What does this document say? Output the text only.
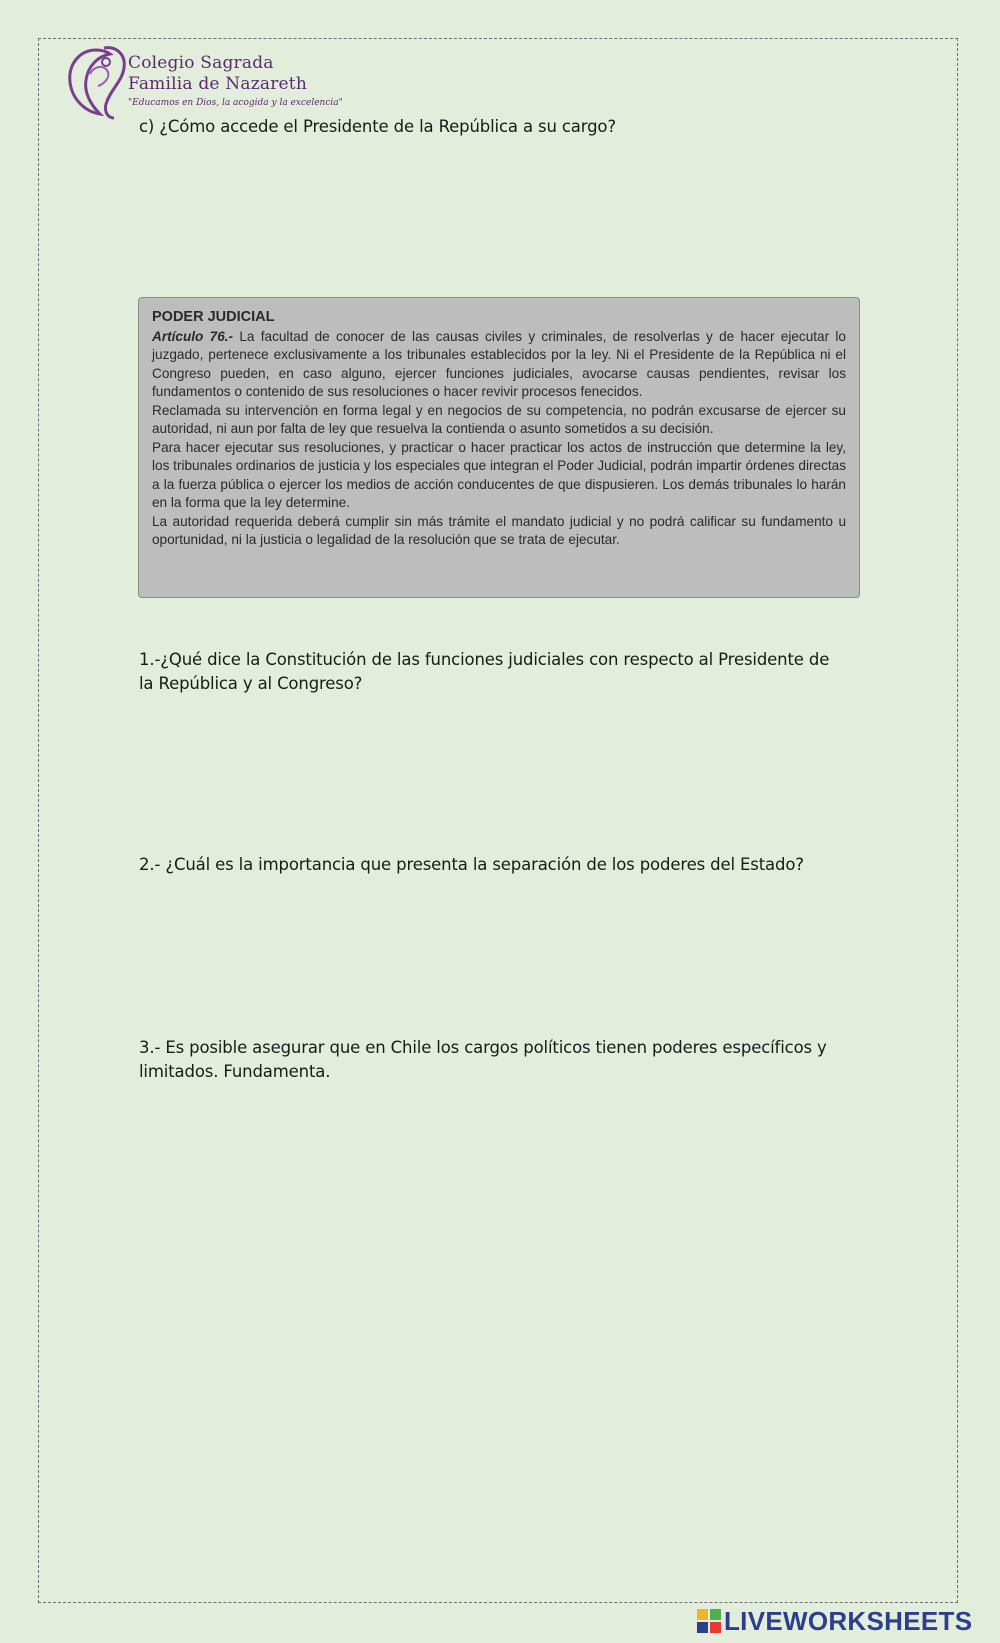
Colegio Sagrada
Familia de Nazareth
"Educamos en Dios, la acogida y la excelencia"
c) ¿Cómo accede el Presidente de la República a su cargo?
PODER JUDICIAL

Artículo 76.- La facultad de conocer de las causas civiles y criminales, de resolverlas y de hacer ejecutar lo juzgado, pertenece exclusivamente a los tribunales establecidos por la ley. Ni el Presidente de la República ni el Congreso pueden, en caso alguno, ejercer funciones judiciales, avocarse causas pendientes, revisar los fundamentos o contenido de sus resoluciones o hacer revivir procesos fenecidos.

Reclamada su intervención en forma legal y en negocios de su competencia, no podrán excusarse de ejercer su autoridad, ni aun por falta de ley que resuelva la contienda o asunto sometidos a su decisión.

Para hacer ejecutar sus resoluciones, y practicar o hacer practicar los actos de instrucción que determine la ley, los tribunales ordinarios de justicia y los especiales que integran el Poder Judicial, podrán impartir órdenes directas a la fuerza pública o ejercer los medios de acción conducentes de que dispusieren. Los demás tribunales lo harán en la forma que la ley determine.

La autoridad requerida deberá cumplir sin más trámite el mandato judicial y no podrá calificar su fundamento u oportunidad, ni la justicia o legalidad de la resolución que se trata de ejecutar.

1.-¿Qué dice la Constitución de las funciones judiciales con respecto al Presidente de la República y al Congreso?
2.- ¿Cuál es la importancia que presenta la separación de los poderes del Estado?
3.- Es posible asegurar que en Chile los cargos políticos tienen poderes específicos y limitados. Fundamenta.
LIVEWORKSHEETS
